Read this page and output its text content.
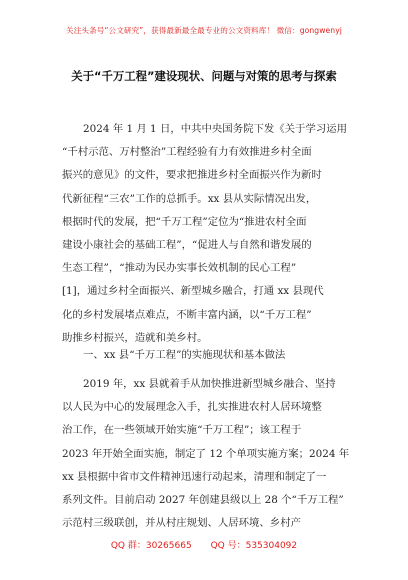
关注头条号“公文研究”，获得最新最全最专业的公文资料库！ 微信：gongwenyj
关于“千万工程”建设现状、问题与对策的思考与探索
2024 年 1 月 1 日，中共中央国务院下发《关于学习运用
“千村示范、万村整治”工程经验有力有效推进乡村全面
振兴的意见》的文件，要求把推进乡村全面振兴作为新时
代新征程“三农”工作的总抓手。xx 县从实际情况出发，
根据时代的发展，把“千万工程”定位为“推进农村全面
建设小康社会的基础工程”，“促进人与自然和谐发展的
生态工程”，“推动为民办实事长效机制的民心工程”
[1]，通过乡村全面振兴、新型城乡融合，打通 xx 县现代
化的乡村发展堵点难点，不断丰富内涵，以“千万工程”
助推乡村振兴，造就和美乡村。
一、xx 县“千万工程”的实施现状和基本做法
2019 年，xx 县就着手从加快推进新型城乡融合、坚持
以人民为中心的发展理念入手，扎实推进农村人居环境整
治工作，在一些领域开始实施“千万工程”；该工程于
2023 年开始全面实施，制定了 12 个单项实施方案；2024 年
xx 县根据中省市文件精神迅速行动起来，清理和制定了一
系列文件。目前启动 2027 年创建县级以上 28 个“千万工程”
示范村三级联创，并从村庄规划、人居环境、乡村产
QQ 群：30265665 QQ 号：535304092
